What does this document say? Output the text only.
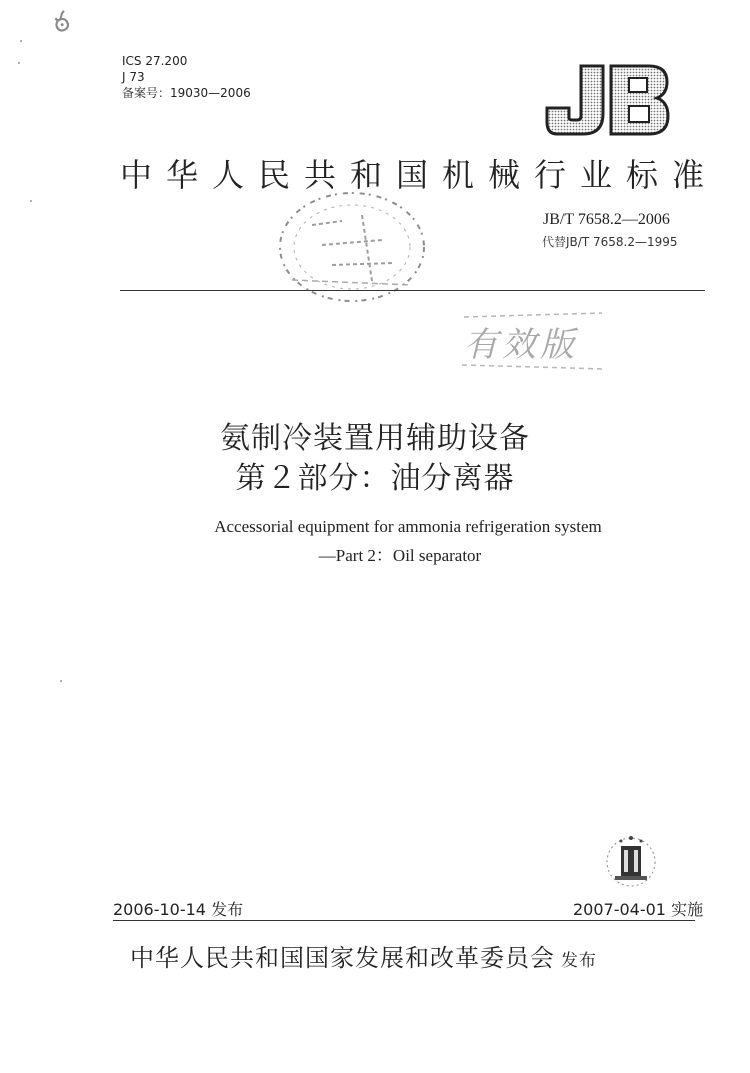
ఠ
ICS 27.200
J 73
备案号：19030—2006
中华人民共和国机械行业标准
JB/T 7658.2—2006
代替JB/T 7658.2—1995
有效版
氨制冷装置用辅助设备
第２部分：油分离器
Accessorial equipment for ammonia refrigeration system
—Part 2：Oil separator
2006-10-14 发布	2007-04-01 实施
中华人民共和国国家发展和改革委员会 发布
